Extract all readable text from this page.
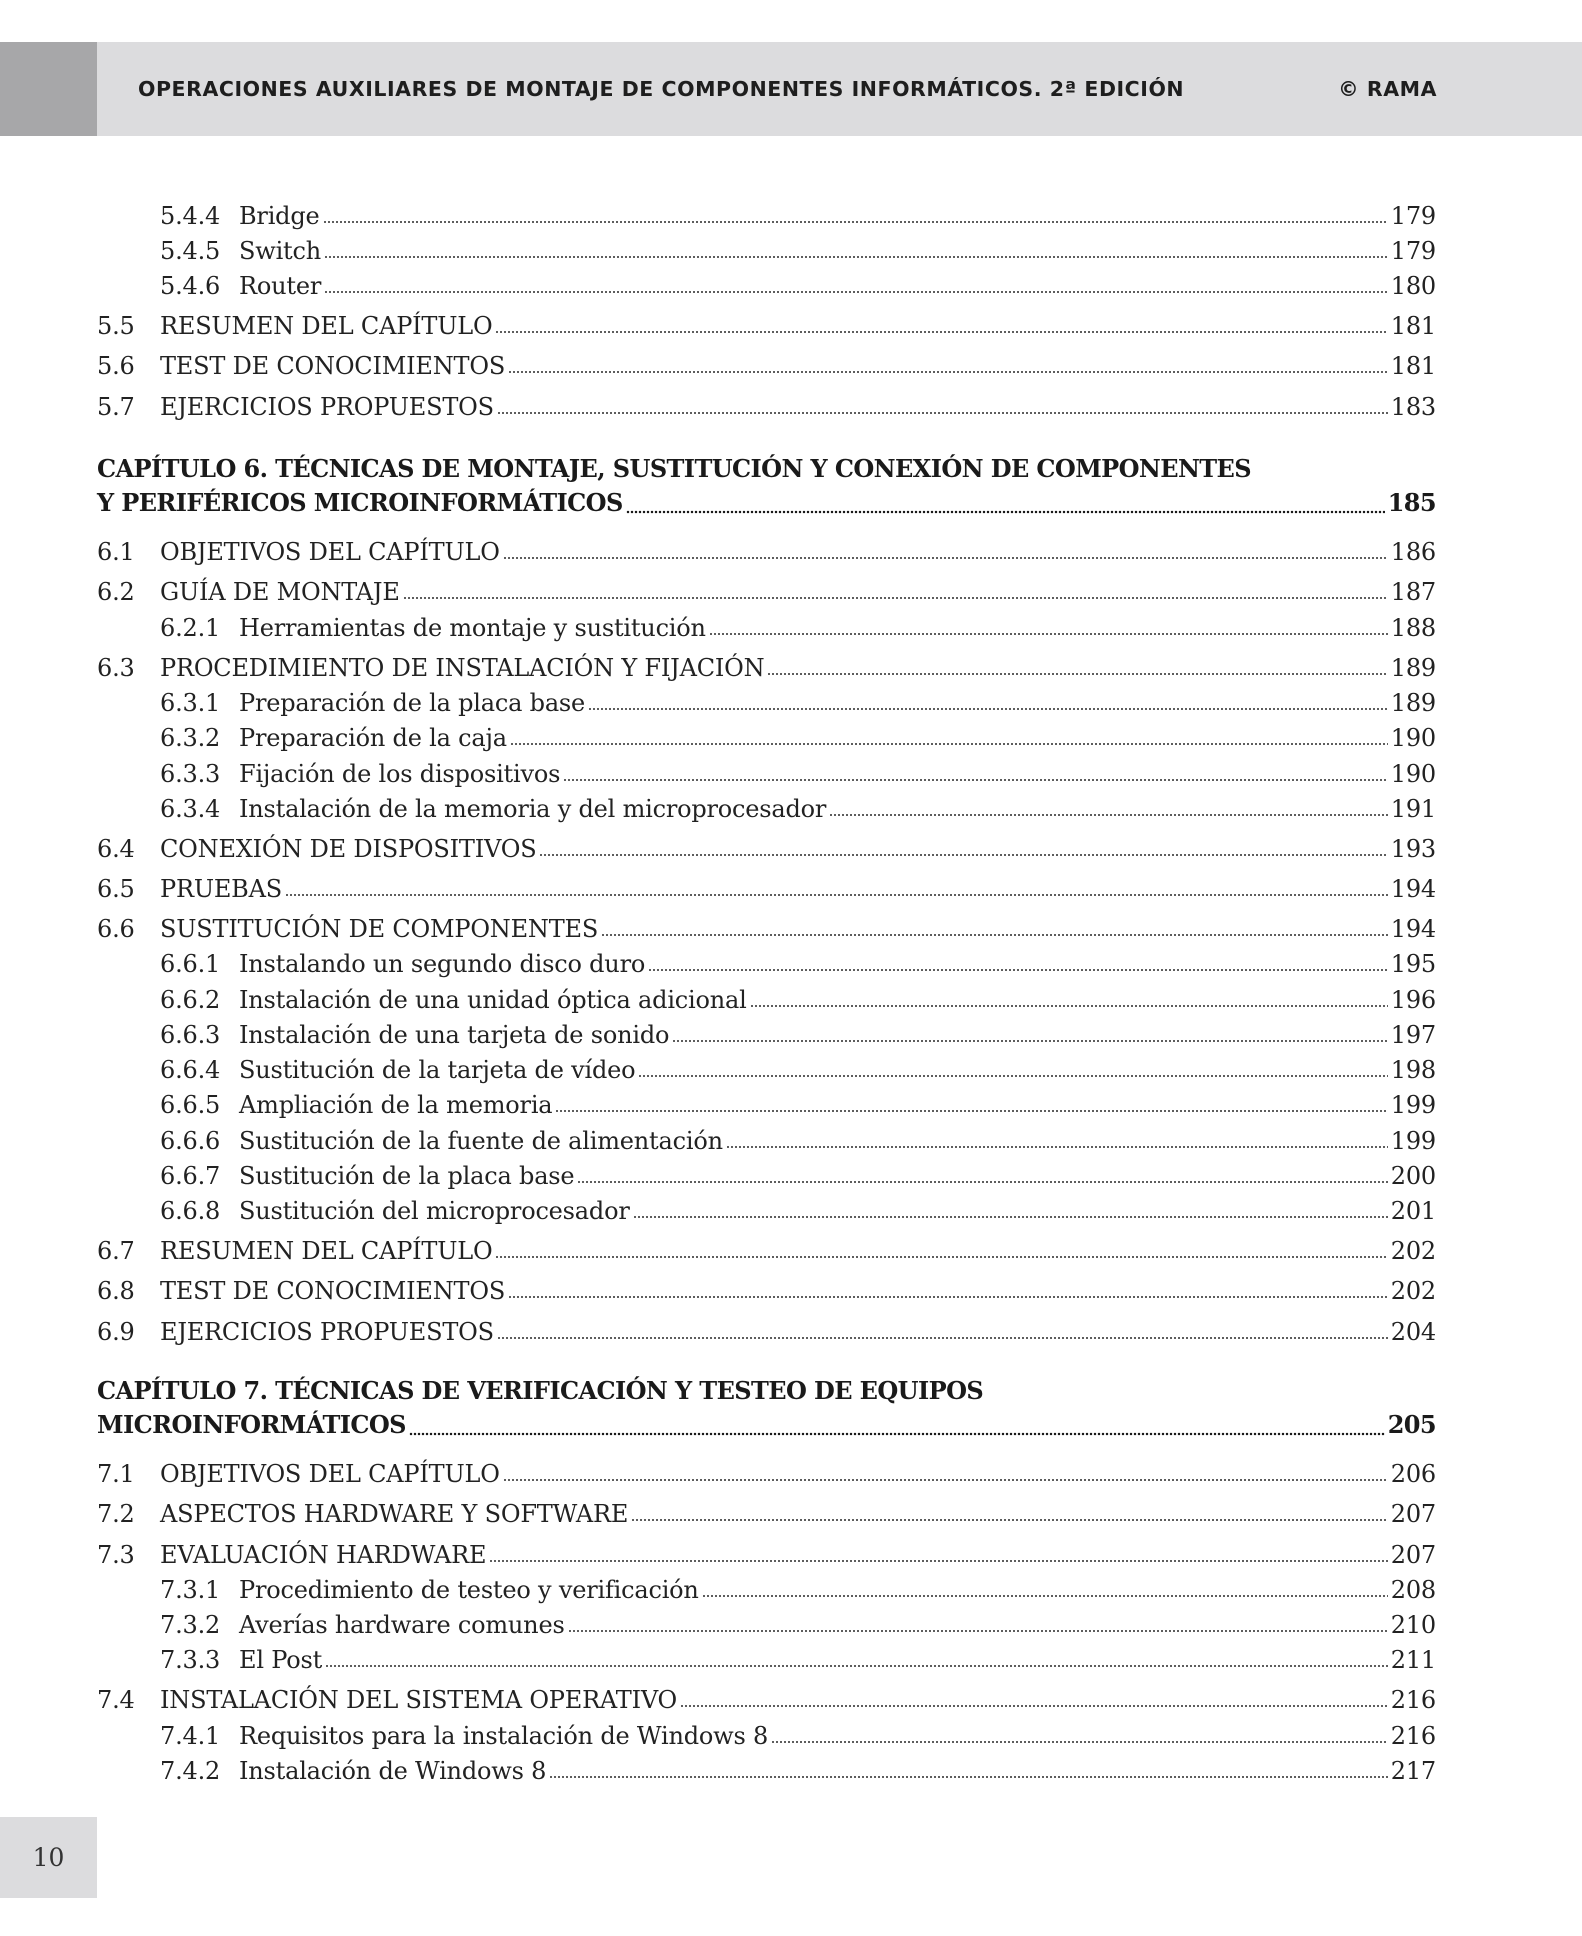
OPERACIONES AUXILIARES DE MONTAJE DE COMPONENTES INFORMÁTICOS. 2ª EDICIÓN	© RAMA
CAPÍTULO 6. TÉCNICAS DE MONTAJE, SUSTITUCIÓN Y CONEXIÓN DE COMPONENTES
Y PERIFÉRICOS MICROINFORMÁTICOS	185
CAPÍTULO 7. TÉCNICAS DE VERIFICACIÓN Y TESTEO DE EQUIPOS
MICROINFORMÁTICOS	205
5.4.4 Bridge	179
5.4.5 Switch	179
5.4.6 Router	180
5.5	RESUMEN DEL CAPÍTULO	181
5.6	TEST DE CONOCIMIENTOS	181
5.7	EJERCICIOS PROPUESTOS	183
6.1	OBJETIVOS DEL CAPÍTULO	186
6.2	GUÍA DE MONTAJE	187
6.2.1 Herramientas de montaje y sustitución	188
6.3	PROCEDIMIENTO DE INSTALACIÓN Y FIJACIÓN	189
6.3.1 Preparación de la placa base	189
6.3.2 Preparación de la caja	190
6.3.3 Fijación de los dispositivos	190
6.3.4 Instalación de la memoria y del microprocesador	191
6.4	CONEXIÓN DE DISPOSITIVOS	193
6.5	PRUEBAS	194
6.6	SUSTITUCIÓN DE COMPONENTES	194
6.6.1 Instalando un segundo disco duro	195
6.6.2 Instalación de una unidad óptica adicional	196
6.6.3 Instalación de una tarjeta de sonido	197
6.6.4 Sustitución de la tarjeta de vídeo	198
6.6.5 Ampliación de la memoria	199
6.6.6 Sustitución de la fuente de alimentación	199
6.6.7 Sustitución de la placa base	200
6.6.8 Sustitución del microprocesador	201
6.7	RESUMEN DEL CAPÍTULO	202
6.8	TEST DE CONOCIMIENTOS	202
6.9	EJERCICIOS PROPUESTOS	204
7.1	OBJETIVOS DEL CAPÍTULO	206
7.2	ASPECTOS HARDWARE Y SOFTWARE	207
7.3	EVALUACIÓN HARDWARE	207
7.3.1 Procedimiento de testeo y verificación	208
7.3.2 Averías hardware comunes	210
7.3.3 El Post	211
7.4	INSTALACIÓN DEL SISTEMA OPERATIVO	216
7.4.1 Requisitos para la instalación de Windows 8	216
7.4.2 Instalación de Windows 8	217
10
